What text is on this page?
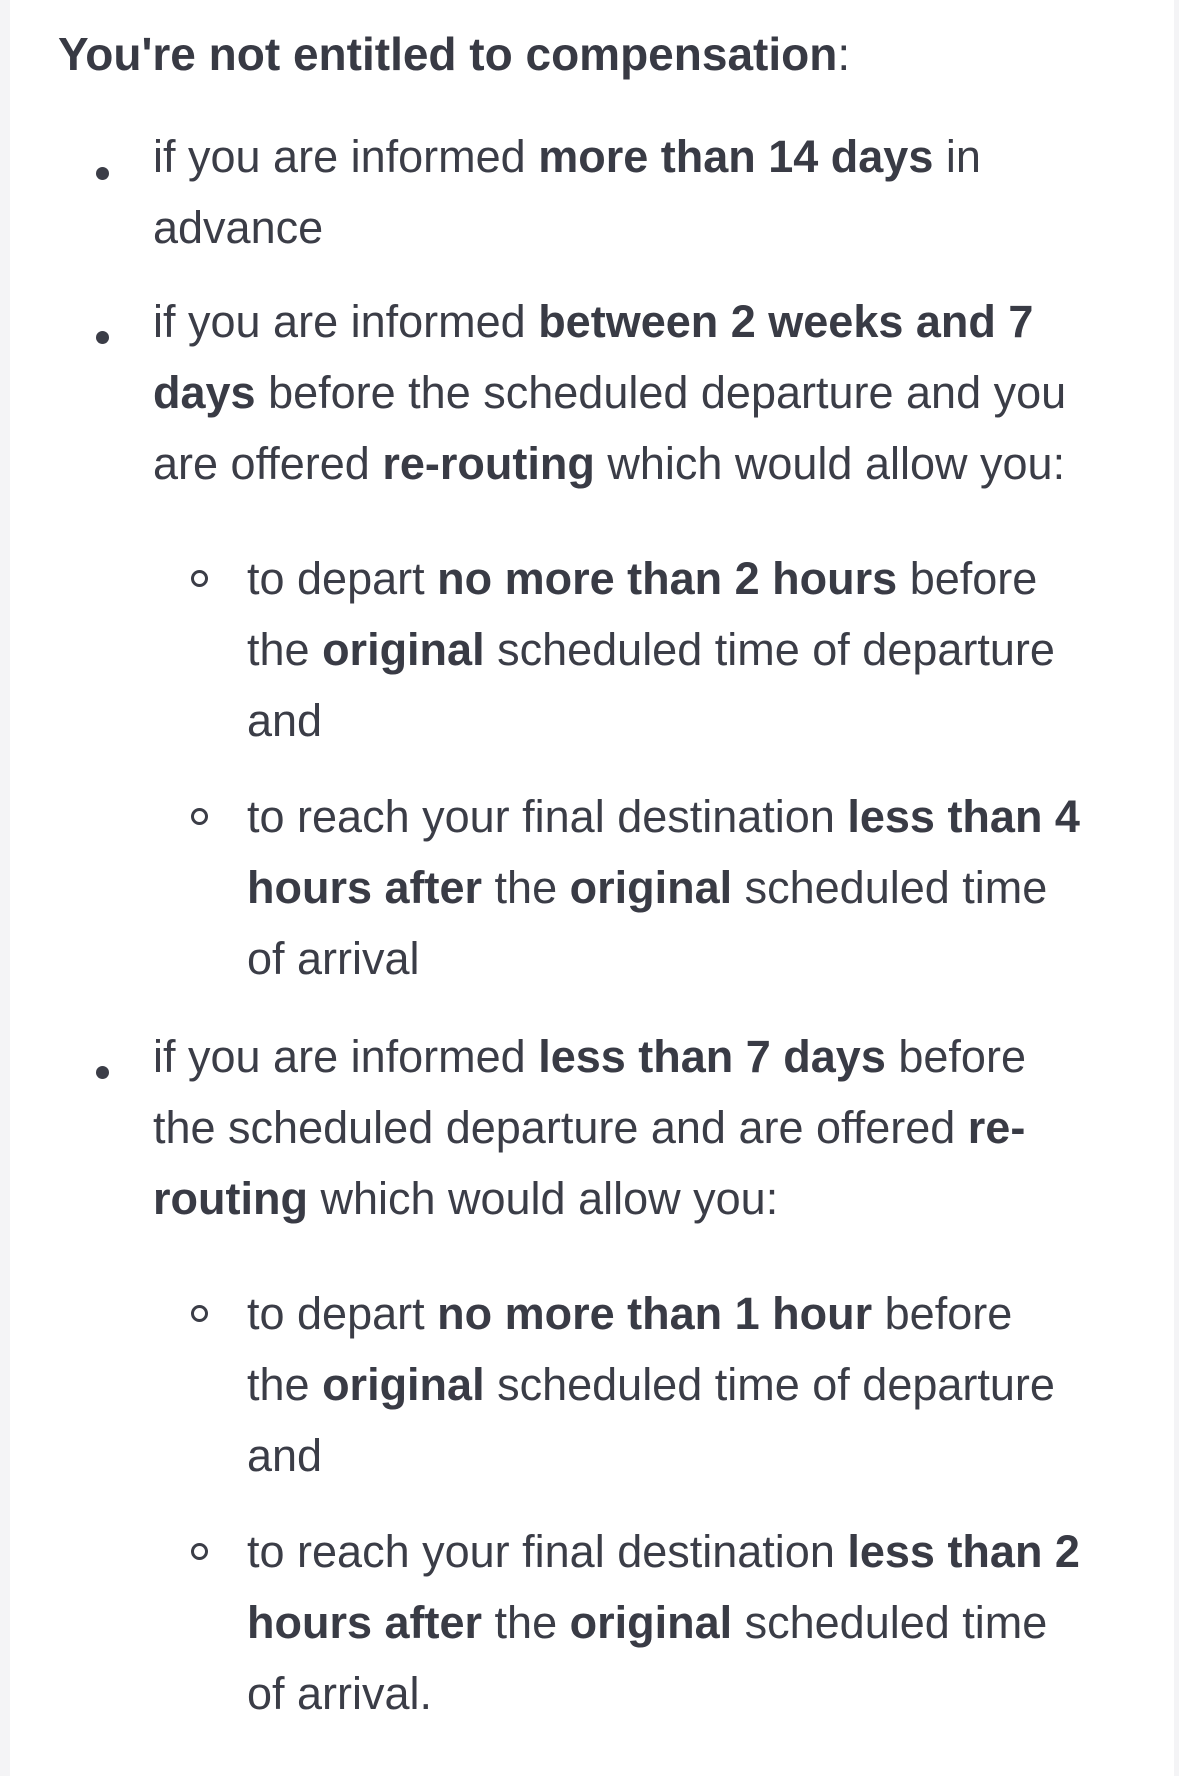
You're not entitled to compensation:

if you are informed more than 14 days in
advance

if you are informed between 2 weeks and 7
days before the scheduled departure and you
are offered re-routing which would allow you:

to depart no more than 2 hours before
the original scheduled time of departure
and

to reach your final destination less than 4
hours after the original scheduled time
of arrival

if you are informed less than 7 days before
the scheduled departure and are offered re-
routing which would allow you:

to depart no more than 1 hour before
the original scheduled time of departure
and

to reach your final destination less than 2
hours after the original scheduled time
of arrival.
